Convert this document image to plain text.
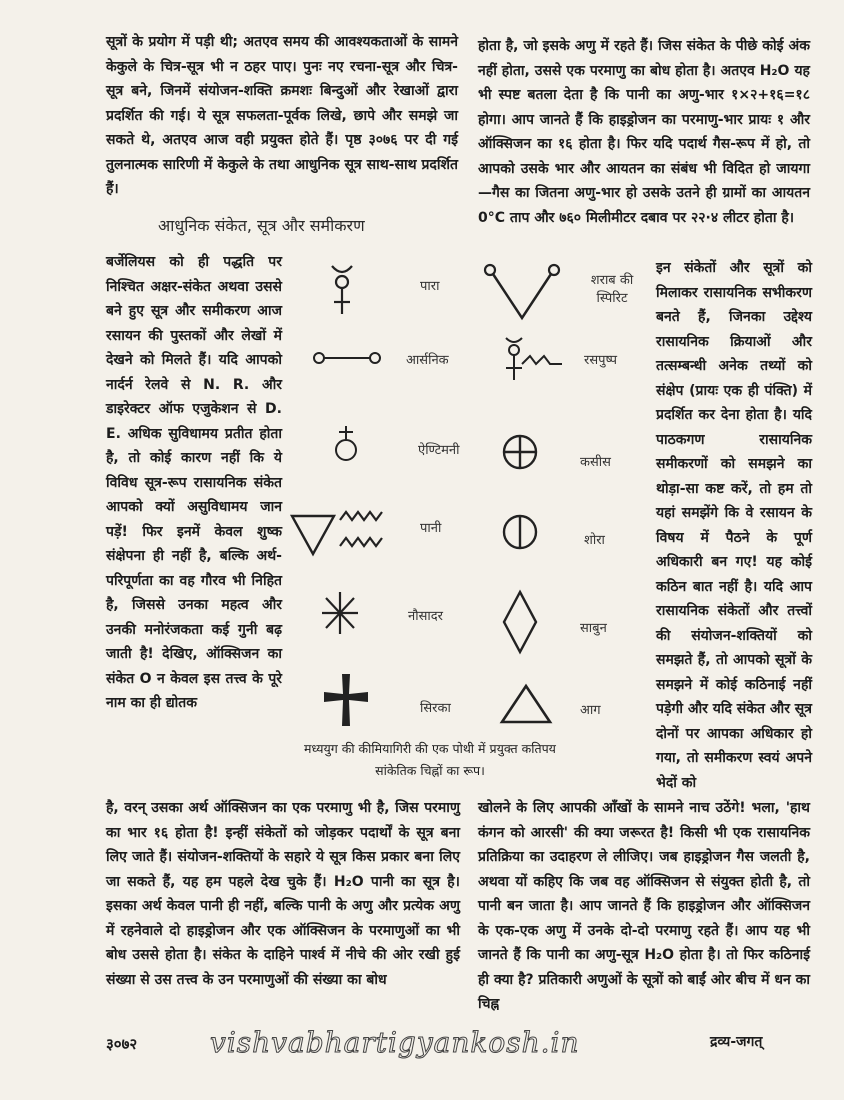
सूत्रों के प्रयोग में पड़ी थी; अतएव समय की आवश्यकताओं के सामने केकुले के चित्र-सूत्र भी न ठहर पाए। पुनः नए रचना-सूत्र और चित्र-सूत्र बने, जिनमें संयोजन-शक्ति क्रमशः बिन्दुओं और रेखाओं द्वारा प्रदर्शित की गई। ये सूत्र सफलता-पूर्वक लिखे, छापे और समझे जा सकते थे, अतएव आज वही प्रयुक्त होते हैं। पृष्ठ ३०७६ पर दी गई तुलनात्मक सारिणी में केकुले के तथा आधुनिक सूत्र साथ-साथ प्रदर्शित हैं।

होता है, जो इसके अणु में रहते हैं। जिस संकेत के पीछे कोई अंक नहीं होता, उससे एक परमाणु का बोध होता है। अतएव H₂O यह भी स्पष्ट बतला देता है कि पानी का अणु-भार १×२+१६=१८ होगा। आप जानते हैं कि हाइड्रोजन का परमाणु-भार प्रायः १ और ऑक्सिजन का १६ होता है। फिर यदि पदार्थ गैस-रूप में हो, तो आपको उसके भार और आयतन का संबंध भी विदित हो जायगा—गैस का जितना अणु-भार हो उसके उतने ही ग्रामों का आयतन 0°C ताप और ७६० मिलीमीटर दबाव पर २२·४ लीटर होता है।

आधुनिक संकेत, सूत्र और समीकरण

बर्जेलियस को ही पद्धति पर निश्चित अक्षर-संकेत अथवा उससे बने हुए सूत्र और समीकरण आज रसायन की पुस्तकों और लेखों में देखने को मिलते हैं। यदि आपको नार्दर्न रेलवे से N. R. और डाइरेक्टर ऑफ एजुकेशन से D. E. अधिक सुविधामय प्रतीत होता है, तो कोई कारण नहीं कि ये विविध सूत्र-रूप रासायनिक संकेत आपको क्यों असुविधामय जान पड़ें! फिर इनमें केवल शुष्क संक्षेपना ही नहीं है, बल्कि अर्थ-परिपूर्णता का वह गौरव भी निहित है, जिससे उनका महत्व और उनकी मनोरंजकता कई गुनी बढ़ जाती है! देखिए, ऑक्सिजन का संकेत O न केवल इस तत्त्व के पूरे नाम का ही द्योतक

इन संकेतों और सूत्रों को मिलाकर रासायनिक सभीकरण बनते हैं, जिनका उद्देश्य रासायनिक क्रियाओं और तत्सम्बन्धी अनेक तथ्यों को संक्षेप (प्रायः एक ही पंक्ति) में प्रदर्शित कर देना होता है। यदि पाठकगण रासायनिक समीकरणों को समझने का थोड़ा-सा कष्ट करें, तो हम तो यहां समझेंगे कि वे रसायन के विषय में पैठने के पूर्ण अधिकारी बन गए! यह कोई कठिन बात नहीं है। यदि आप रासायनिक संकेतों और तत्त्वों की संयोजन-शक्तियों को समझते हैं, तो आपको सूत्रों के समझने में कोई कठिनाई नहीं पड़ेगी और यदि संकेत और सूत्र दोनों पर आपका अधिकार हो गया, तो समीकरण स्वयं अपने भेदों को

पारा	शराब की स्पिरिट
आर्सनिक	रसपुष्प
ऐण्टिमनी
कसीस
पानी
शोरा
नौसादर
साबुन
सिरका	आग
मध्ययुग की कीमियागिरी की एक पोथी में प्रयुक्त कतिपय सांकेतिक चिह्नों का रूप।

है, वरन् उसका अर्थ ऑक्सिजन का एक परमाणु भी है, जिस परमाणु का भार १६ होता है! इन्हीं संकेतों को जोड़कर पदार्थों के सूत्र बना लिए जाते हैं। संयोजन-शक्तियों के सहारे ये सूत्र किस प्रकार बना लिए जा सकते हैं, यह हम पहले देख चुके हैं। H₂O पानी का सूत्र है। इसका अर्थ केवल पानी ही नहीं, बल्कि पानी के अणु और प्रत्येक अणु में रहनेवाले दो हाइड्रोजन और एक ऑक्सिजन के परमाणुओं का भी बोध उससे होता है। संकेत के दाहिने पार्श्व में नीचे की ओर रखी हुई संख्या से उस तत्त्व के उन परमाणुओं की संख्या का बोध

खोलने के लिए आपकी आँखों के सामने नाच उठेंगे! भला, 'हाथ कंगन को आरसी' की क्या जरूरत है! किसी भी एक रासायनिक प्रतिक्रिया का उदाहरण ले लीजिए। जब हाइड्रोजन गैस जलती है, अथवा यों कहिए कि जब वह ऑक्सिजन से संयुक्त होती है, तो पानी बन जाता है। आप जानते हैं कि हाइड्रोजन और ऑक्सिजन के एक-एक अणु में उनके दो-दो परमाणु रहते हैं। आप यह भी जानते हैं कि पानी का अणु-सूत्र H₂O होता है। तो फिर कठिनाई ही क्या है? प्रतिकारी अणुओं के सूत्रों को बाईं ओर बीच में धन का चिह्न

३०७२	vishvabhartigyankosh.in	द्रव्य-जगत्
